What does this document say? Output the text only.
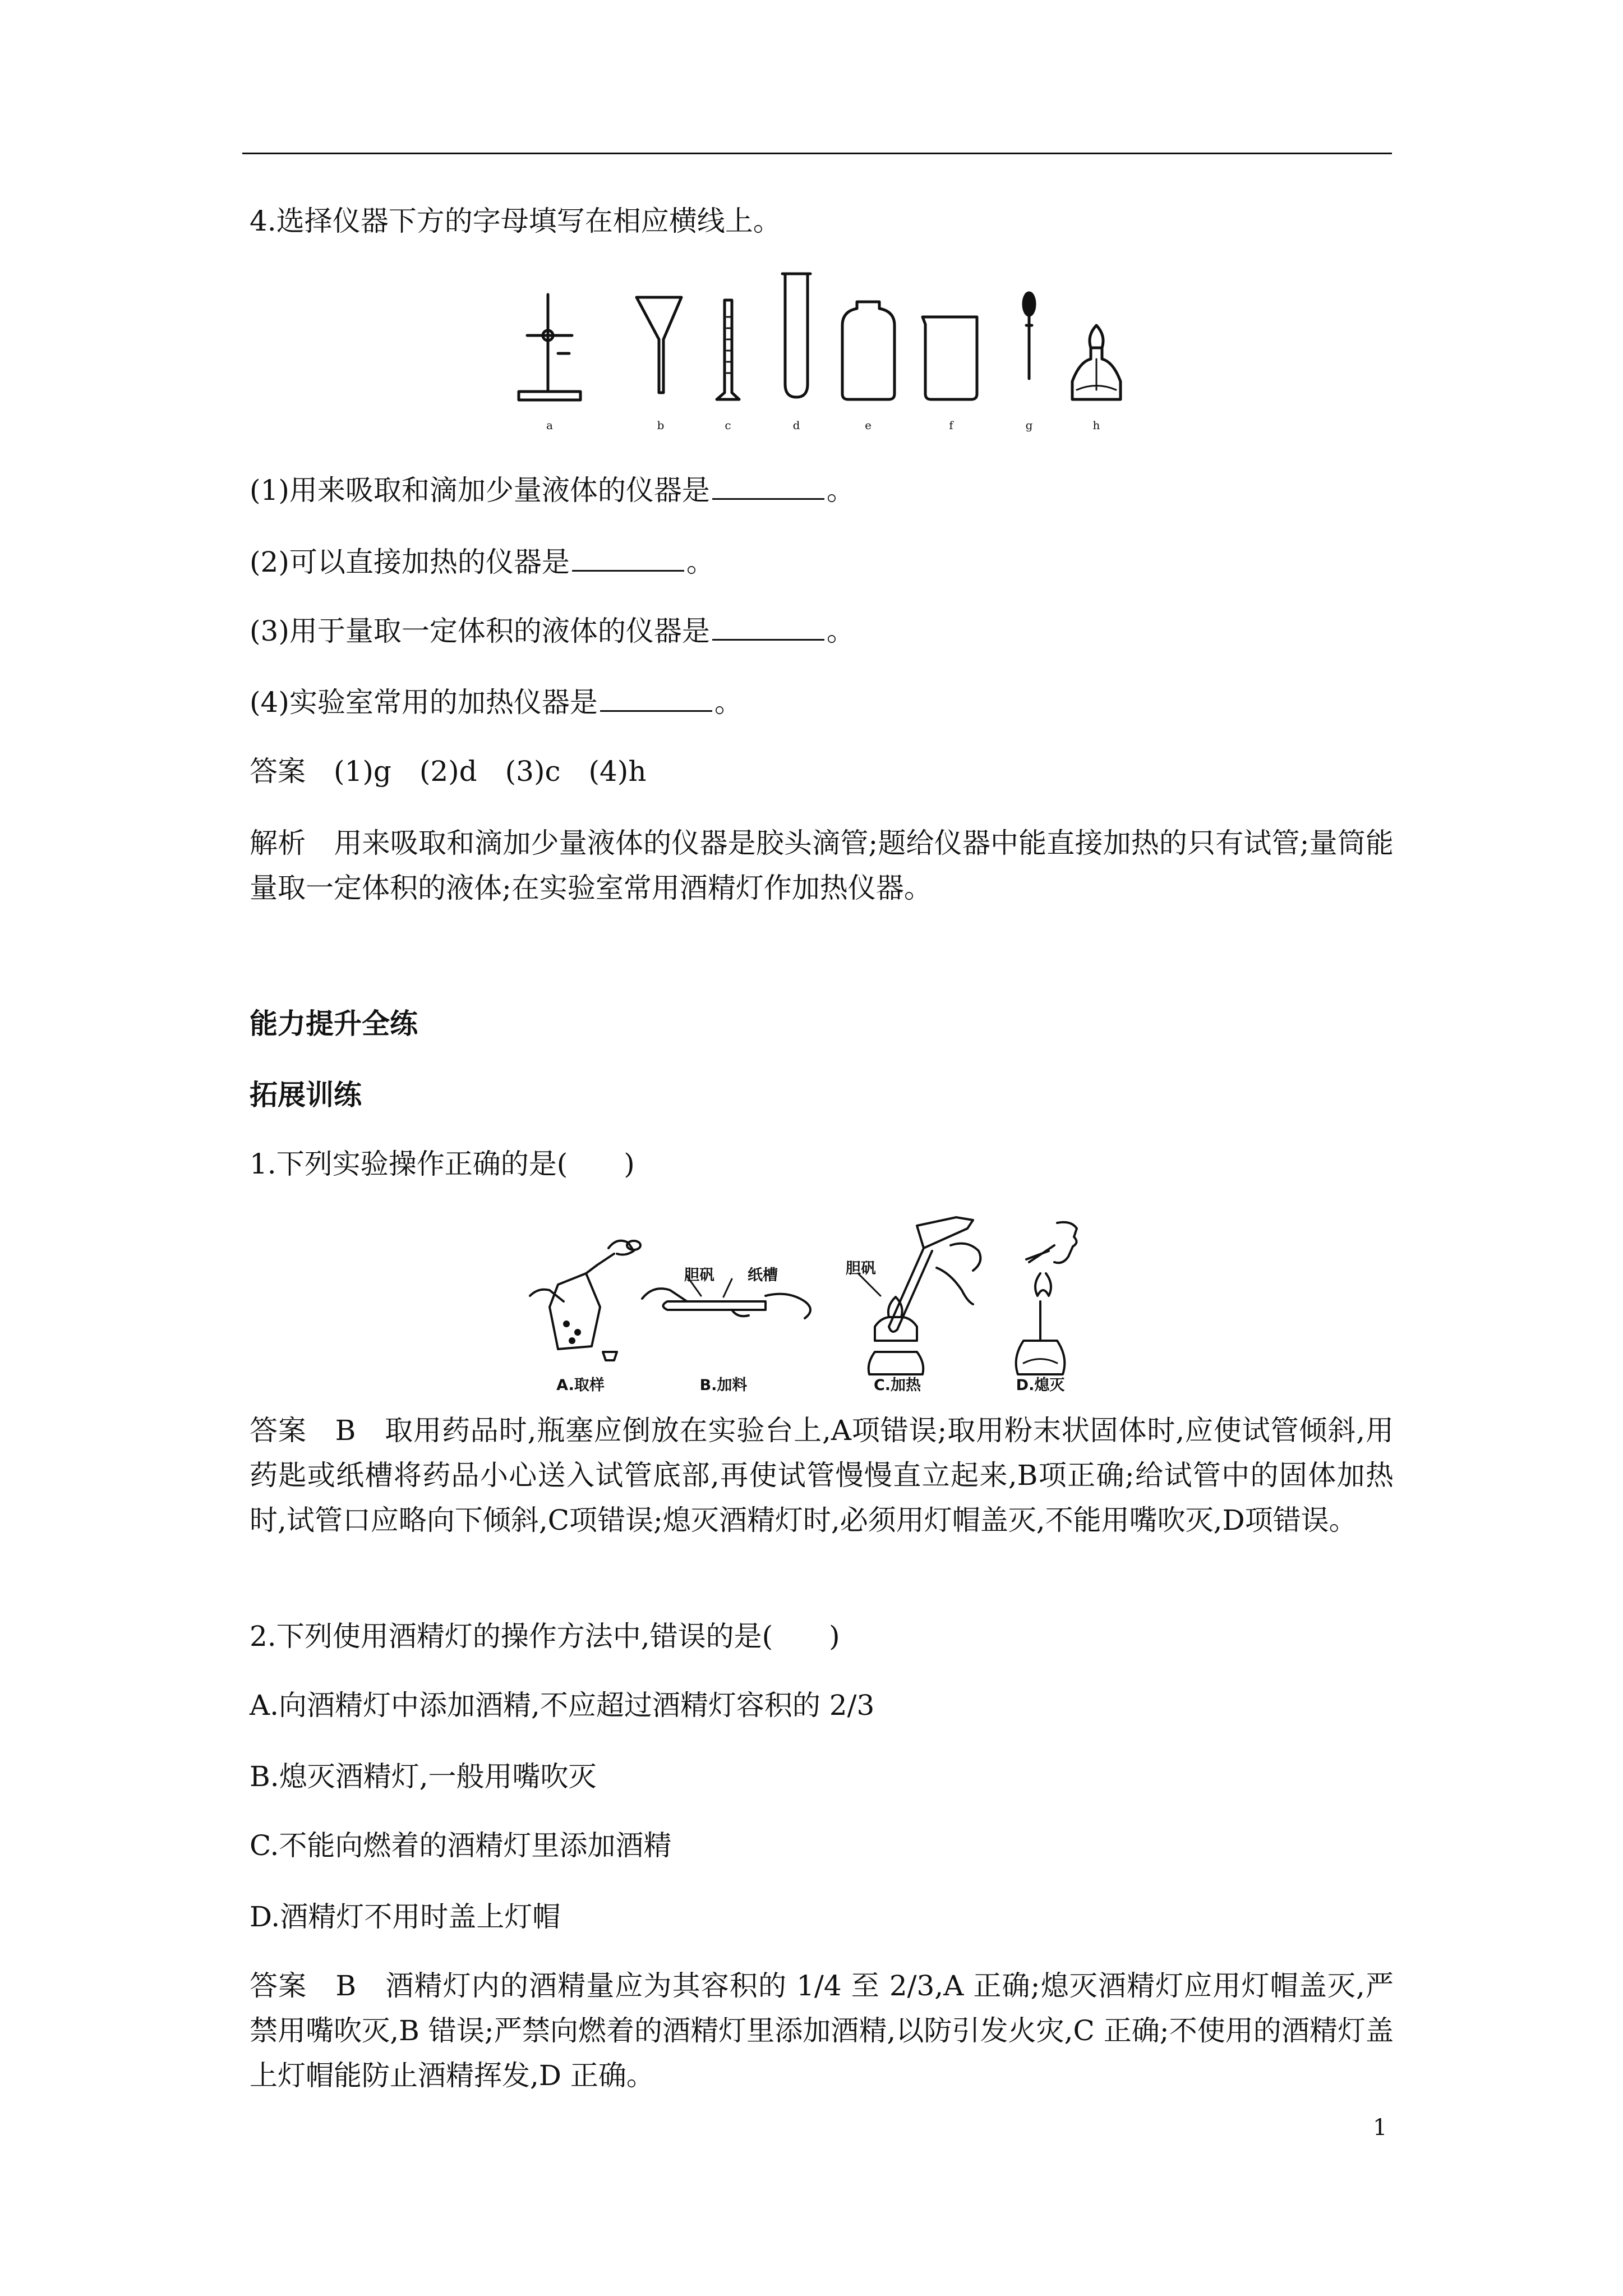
4.选择仪器下方的字母填写在相应横线上。
a	b	c	d	e	f	g	h
(1)用来吸取和滴加少量液体的仪器是	。
(2)可以直接加热的仪器是	。
(3)用于量取一定体积的液体的仪器是	。
(4)实验室常用的加热仪器是	。
答案　(1)g　(2)d　(3)c　(4)h
解析　用来吸取和滴加少量液体的仪器是胶头滴管;题给仪器中能直接加热的只有试管;量筒能量取一定体积的液体;在实验室常用酒精灯作加热仪器。
能力提升全练
拓展训练
1.下列实验操作正确的是(　　)
胆矾 纸槽	胆矾
A.取样	B.加料	C.加热	D.熄灭
答案　B　取用药品时,瓶塞应倒放在实验台上,A项错误;取用粉末状固体时,应使试管倾斜,用药匙或纸槽将药品小心送入试管底部,再使试管慢慢直立起来,B项正确;给试管中的固体加热时,试管口应略向下倾斜,C项错误;熄灭酒精灯时,必须用灯帽盖灭,不能用嘴吹灭,D项错误。
2.下列使用酒精灯的操作方法中,错误的是(　　)
A.向酒精灯中添加酒精,不应超过酒精灯容积的 2/3
B.熄灭酒精灯,一般用嘴吹灭
C.不能向燃着的酒精灯里添加酒精
D.酒精灯不用时盖上灯帽
答案　B　酒精灯内的酒精量应为其容积的 1/4 至 2/3,A 正确;熄灭酒精灯应用灯帽盖灭,严禁用嘴吹灭,B 错误;严禁向燃着的酒精灯里添加酒精,以防引发火灾,C 正确;不使用的酒精灯盖上灯帽能防止酒精挥发,D 正确。
1
